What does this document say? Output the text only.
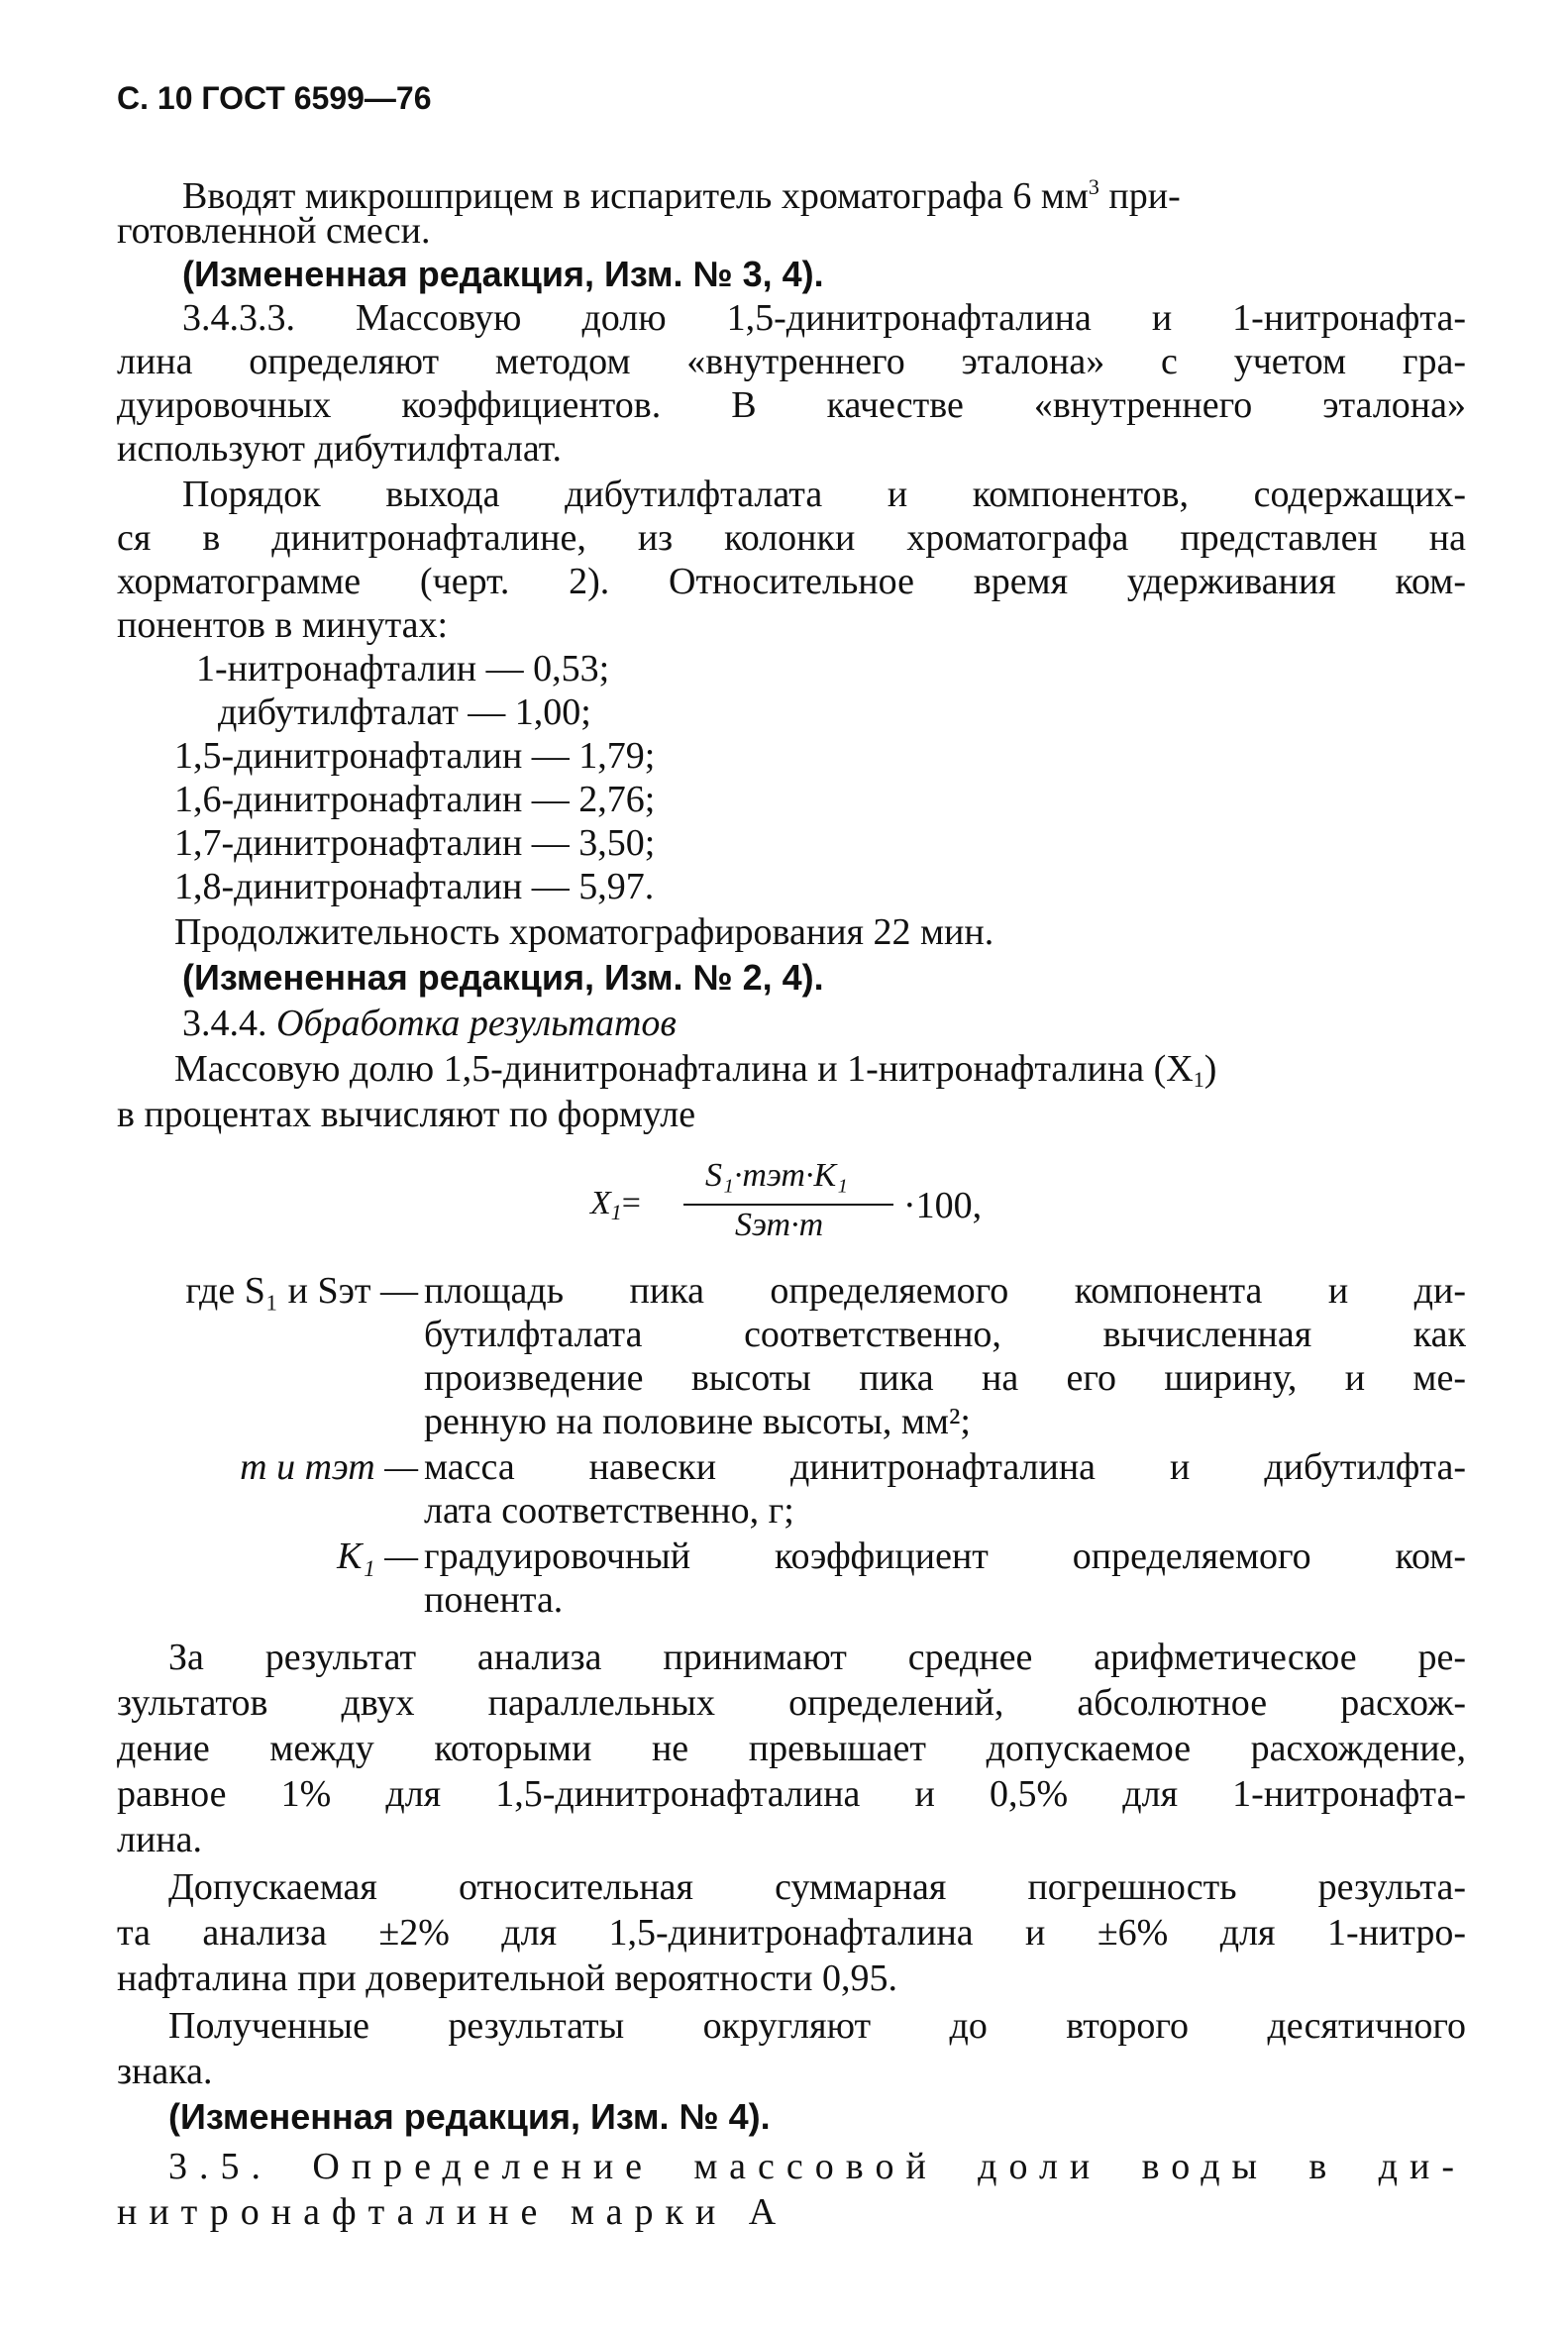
С. 10 ГОСТ 6599—76
Вводят микрошприцем в испаритель хроматографа 6 $мм^3$ при-
готовленной смеси.
(Измененная редакция, Изм. № 3, 4).
3.4.3.3. Массовую долю 1,5-динитронафталина и 1-нитронафта-
лина определяют методом «внутреннего эталона» с учетом гра-
дуировочных коэффициентов. В качестве «внутреннего эталона»
используют дибутилфталат.
Порядок выхода дибутилфталата и компонентов, содержащих-
ся в динитронафталине, из колонки хроматографа представлен на
хорматограмме (черт. 2). Относительное время удерживания ком-
понентов в минутах:
1-нитронафталин — 0,53;
дибутилфталат — 1,00;
1,5-динитронафталин — 1,79;
1,6-динитронафталин — 2,76;
1,7-динитронафталин — 3,50;
1,8-динитронафталин — 5,97.
Продолжительность хроматографирования 22 мин.
(Измененная редакция, Изм. № 2, 4).
3.4.4. Обработка результатов
Массовую долю 1,5-динитронафталина и 1-нитронафталина $(X_1)$
в процентах вычисляют по формуле
$X_1=$
S₁·mэт·K₁
Sэт·m ·100,
где S₁ и Sэт — площадь пика определяемого компонента и ди-
бутилфталата соответственно, вычисленная как
произведение высоты пика на его ширину, и ме-
ренную на половине высоты, мм²;
m и mэт — масса навески динитронафталина и дибутилфта-
лата соответственно, г;
K₁ — градуировочный коэффициент определяемого ком-
понента.
За результат анализа принимают среднее арифметическое ре-
зультатов двух параллельных определений, абсолютное расхож-
дение между которыми не превышает допускаемое расхождение,
равное 1% для 1,5-динитронафталина и 0,5% для 1-нитронафта-
лина.
Допускаемая относительная суммарная погрешность результа-
та анализа ±2% для 1,5-динитронафталина и ±6% для 1-нитро-
нафталина при доверительной вероятности 0,95.
Полученные результаты округляют до второго десятичного
знака.
(Измененная редакция, Изм. № 4).
3.5. Определение массовой доли воды в ди-
нитронафталине марки А
